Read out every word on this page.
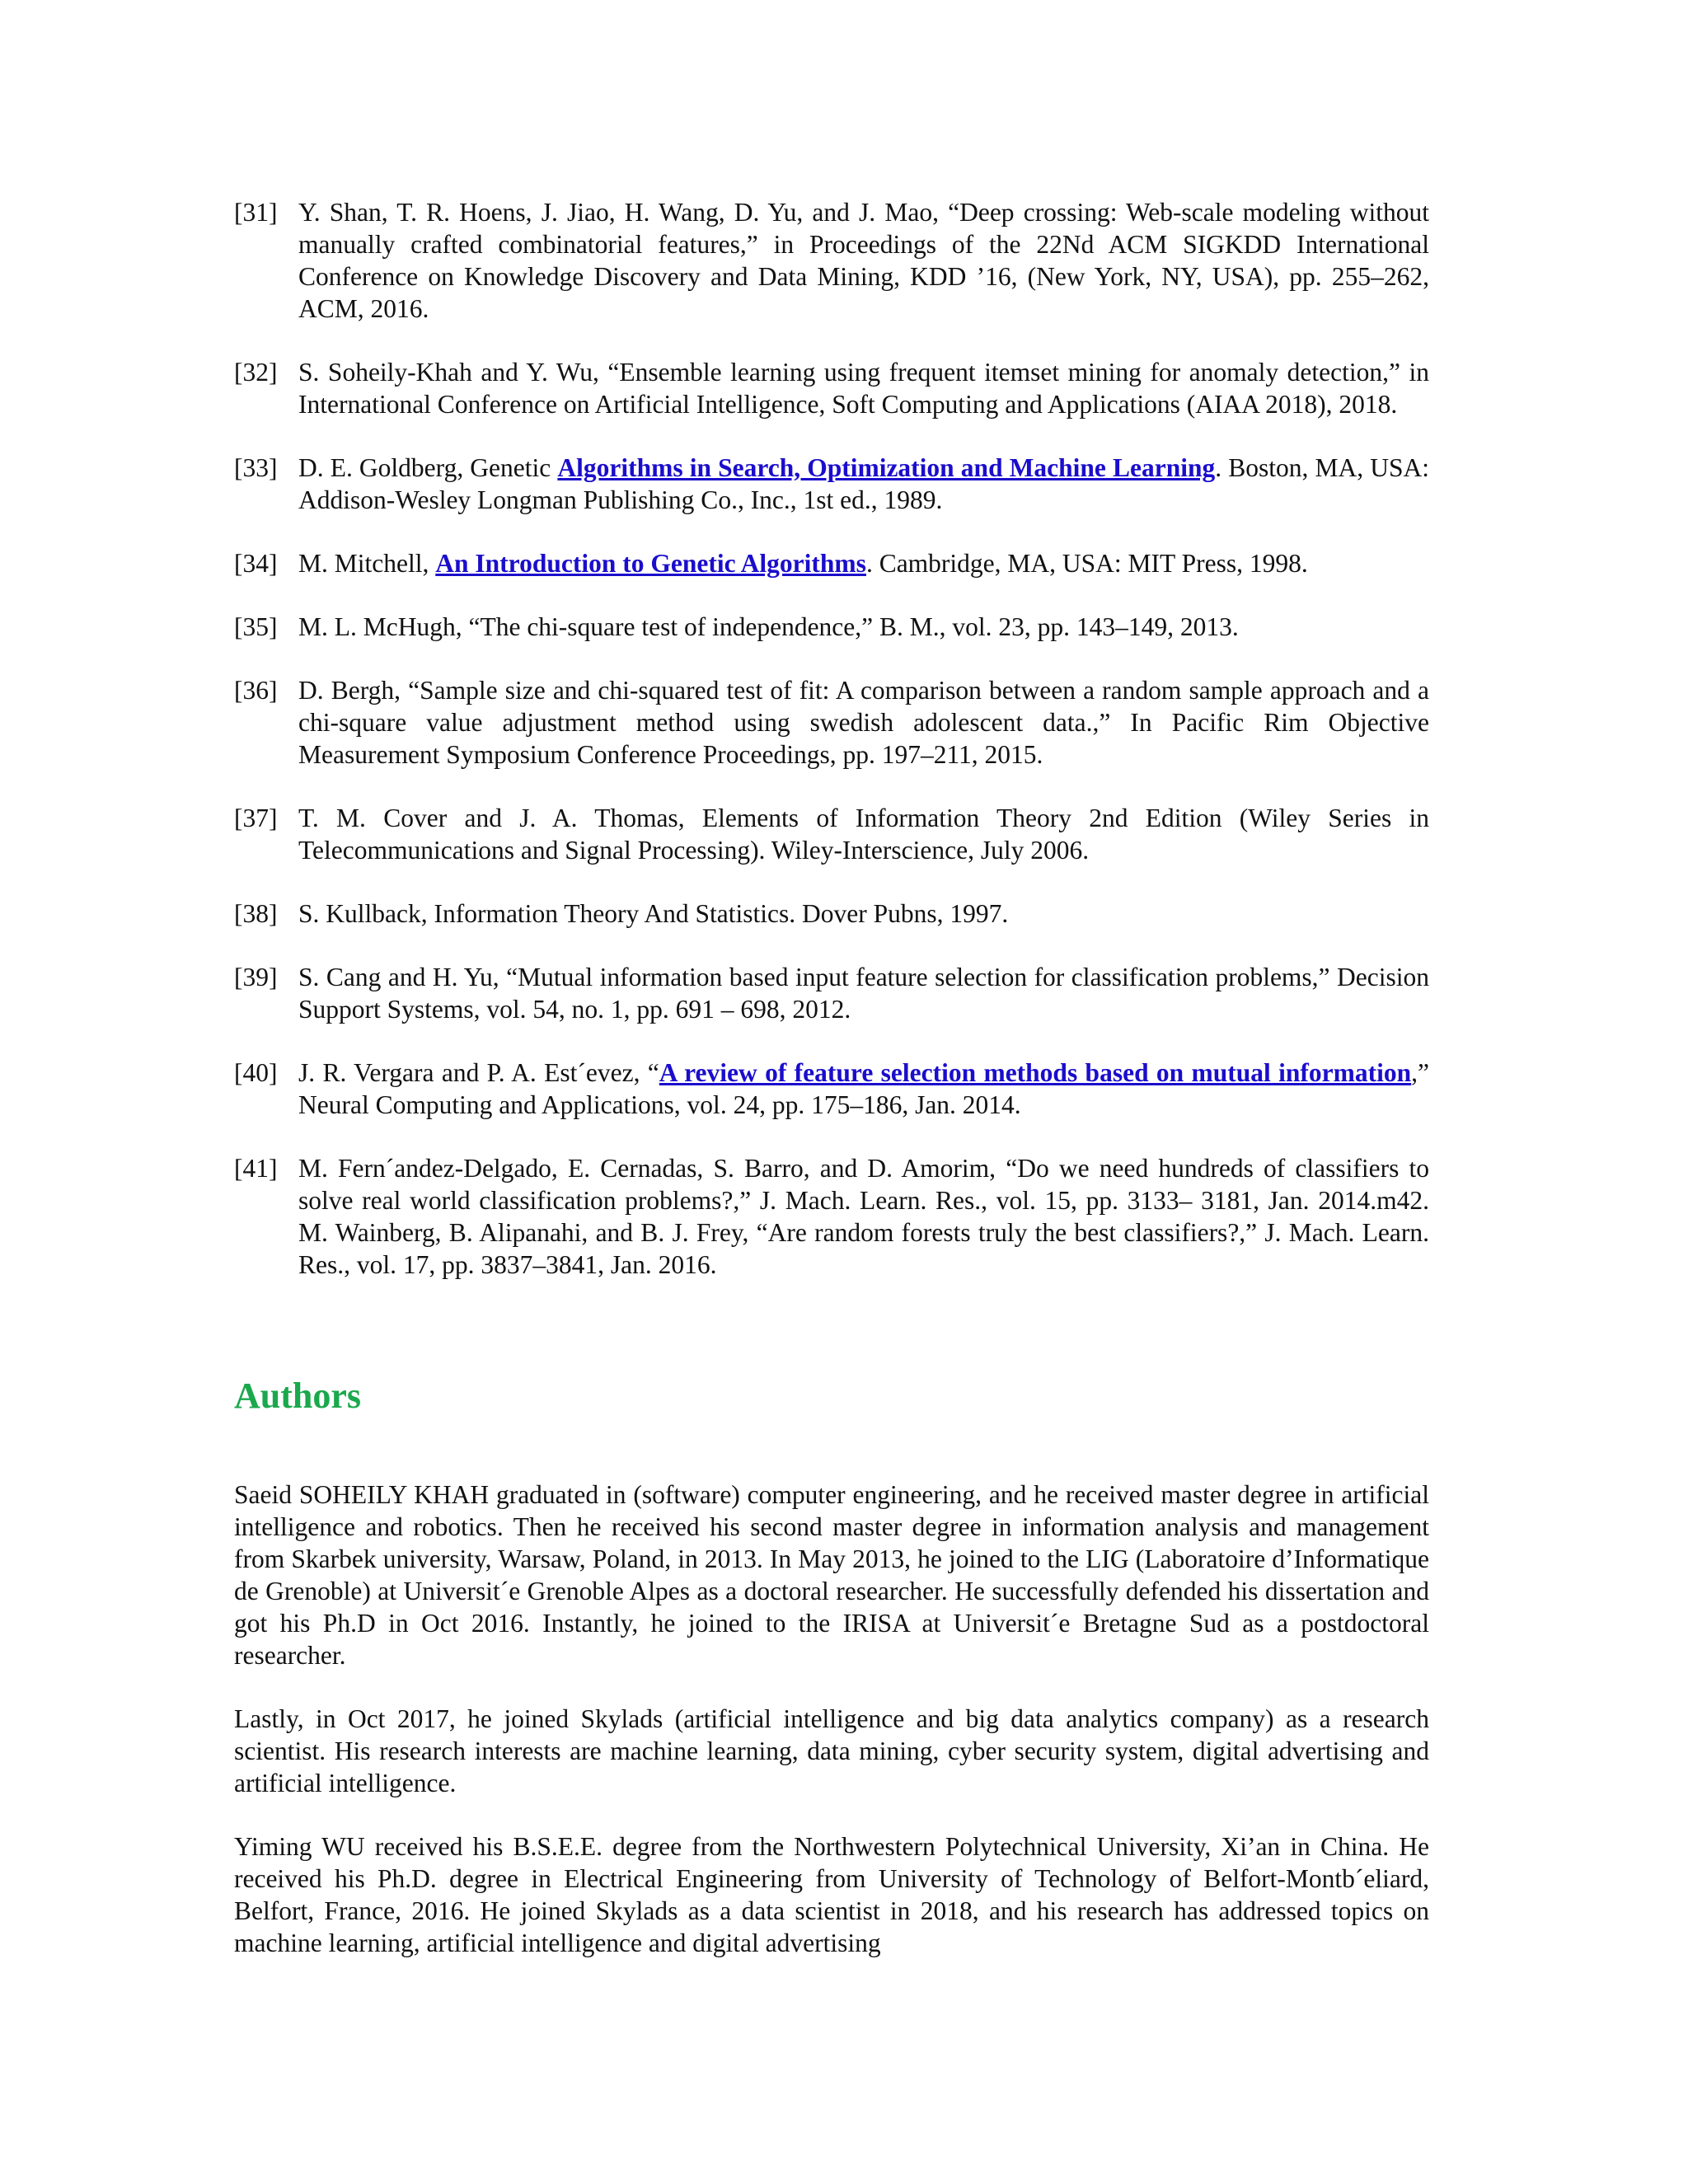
[31] Y. Shan, T. R. Hoens, J. Jiao, H. Wang, D. Yu, and J. Mao, “Deep crossing: Web-scale modeling without manually crafted combinatorial features,” in Proceedings of the 22Nd ACM SIGKDD International Conference on Knowledge Discovery and Data Mining, KDD ’16, (New York, NY, USA), pp. 255–262, ACM, 2016.
[32] S. Soheily-Khah and Y. Wu, “Ensemble learning using frequent itemset mining for anomaly detection,” in International Conference on Artificial Intelligence, Soft Computing and Applications (AIAA 2018), 2018.
[33] D. E. Goldberg, Genetic Algorithms in Search, Optimization and Machine Learning. Boston, MA, USA: Addison-Wesley Longman Publishing Co., Inc., 1st ed., 1989.
[34] M. Mitchell, An Introduction to Genetic Algorithms. Cambridge, MA, USA: MIT Press, 1998.
[35] M. L. McHugh, “The chi-square test of independence,” B. M., vol. 23, pp. 143–149, 2013.
[36] D. Bergh, “Sample size and chi-squared test of fit: A comparison between a random sample approach and a chi-square value adjustment method using swedish adolescent data.,” In Pacific Rim Objective Measurement Symposium Conference Proceedings, pp. 197–211, 2015.
[37] T. M. Cover and J. A. Thomas, Elements of Information Theory 2nd Edition (Wiley Series in Telecommunications and Signal Processing). Wiley-Interscience, July 2006.
[38] S. Kullback, Information Theory And Statistics. Dover Pubns, 1997.
[39] S. Cang and H. Yu, “Mutual information based input feature selection for classification problems,” Decision Support Systems, vol. 54, no. 1, pp. 691 – 698, 2012.
[40] J. R. Vergara and P. A. Est´evez, “A review of feature selection methods based on mutual information,” Neural Computing and Applications, vol. 24, pp. 175–186, Jan. 2014.
[41] M. Fern´andez-Delgado, E. Cernadas, S. Barro, and D. Amorim, “Do we need hundreds of classifiers to solve real world classification problems?,” J. Mach. Learn. Res., vol. 15, pp. 3133– 3181, Jan. 2014.m42. M. Wainberg, B. Alipanahi, and B. J. Frey, “Are random forests truly the best classifiers?,” J. Mach. Learn. Res., vol. 17, pp. 3837–3841, Jan. 2016.
Authors

Saeid SOHEILY KHAH graduated in (software) computer engineering, and he received master degree in artificial intelligence and robotics. Then he received his second master degree in information analysis and management from Skarbek university, Warsaw, Poland, in 2013. In May 2013, he joined to the LIG (Laboratoire d’Informatique de Grenoble) at Universit´e Grenoble Alpes as a doctoral researcher. He successfully defended his dissertation and got his Ph.D in Oct 2016. Instantly, he joined to the IRISA at Universit´e Bretagne Sud as a postdoctoral researcher.

Lastly, in Oct 2017, he joined Skylads (artificial intelligence and big data analytics company) as a research scientist. His research interests are machine learning, data mining, cyber security system, digital advertising and artificial intelligence.

Yiming WU received his B.S.E.E. degree from the Northwestern Polytechnical University, Xi’an in China. He received his Ph.D. degree in Electrical Engineering from University of Technology of Belfort-Montb´eliard, Belfort, France, 2016. He joined Skylads as a data scientist in 2018, and his research has addressed topics on machine learning, artificial intelligence and digital advertising
